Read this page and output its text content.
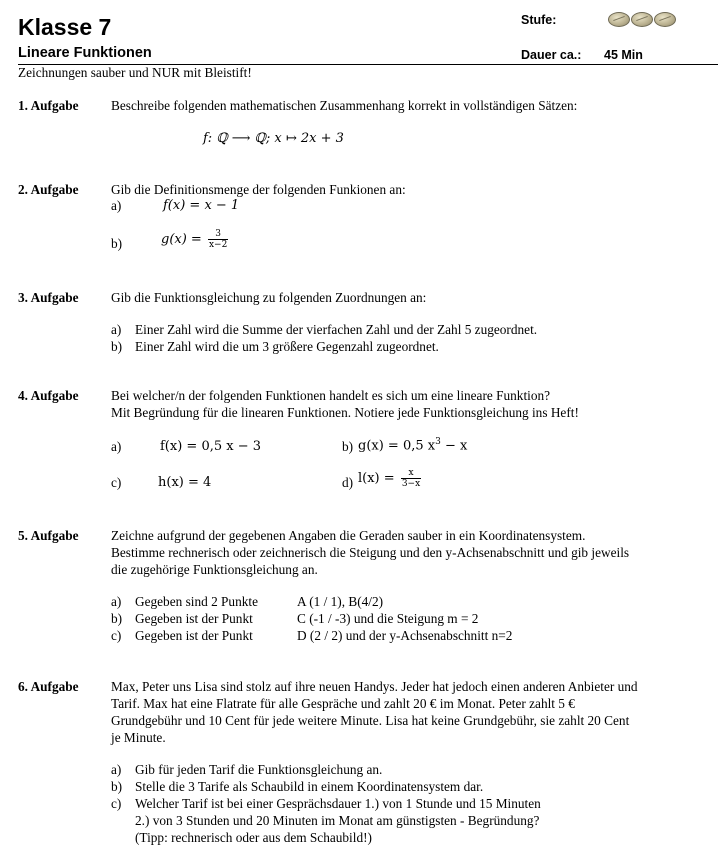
Klasse 7
Lineare Funktionen
Stufe:
Dauer ca.: 45 Min
Zeichnungen sauber und NUR mit Bleistift!
1. Aufgabe Beschreibe folgenden mathematischen Zusammenhang korrekt in vollständigen Sätzen:
f: ℚ ⟶ ℚ; x ↦ 2x + 3
2. Aufgabe Gib die Definitionsmenge der folgenden Funkionen an:
a)	f(x) = x − 1
b)	$g(x) = \frac{3}{x-2}$
3. Aufgabe Gib die Funktionsgleichung zu folgenden Zuordnungen an:
a) Einer Zahl wird die Summe der vierfachen Zahl und der Zahl 5 zugeordnet.
b) Einer Zahl wird die um 3 größere Gegenzahl zugeordnet.
4. Aufgabe Bei welcher/n der folgenden Funktionen handelt es sich um eine lineare Funktion?
Mit Begründung für die linearen Funktionen. Notiere jede Funktionsgleichung ins Heft!
a)	f(x) = 0,5 x − 3	b) g(x) = 0,5 $x^3 - x$
c)	h(x) = 4	d) $l(x) = \frac{x}{3-x}$
5. Aufgabe Zeichne aufgrund der gegebenen Angaben die Geraden sauber in ein Koordinatensystem.
Bestimme rechnerisch oder zeichnerisch die Steigung und den y-Achsenabschnitt und gib jeweils
die zugehörige Funktionsgleichung an.
a) Gegeben sind 2 Punkte	A (1 / 1), B(4/2)
b) Gegeben ist der Punkt	C (-1 / -3) und die Steigung m = 2
c) Gegeben ist der Punkt	D (2 / 2) und der y-Achsenabschnitt n=2
6. Aufgabe Max, Peter uns Lisa sind stolz auf ihre neuen Handys. Jeder hat jedoch einen anderen Anbieter und
Tarif. Max hat eine Flatrate für alle Gespräche und zahlt 20 € im Monat. Peter zahlt 5 €
Grundgebühr und 10 Cent für jede weitere Minute. Lisa hat keine Grundgebühr, sie zahlt 20 Cent
je Minute.
a) Gib für jeden Tarif die Funktionsgleichung an.
b) Stelle die 3 Tarife als Schaubild in einem Koordinatensystem dar.
c) Welcher Tarif ist bei einer Gesprächsdauer 1.) von 1 Stunde und 15 Minuten
2.) von 3 Stunden und 20 Minuten im Monat am günstigsten - Begründung?
(Tipp: rechnerisch oder aus dem Schaubild!)
